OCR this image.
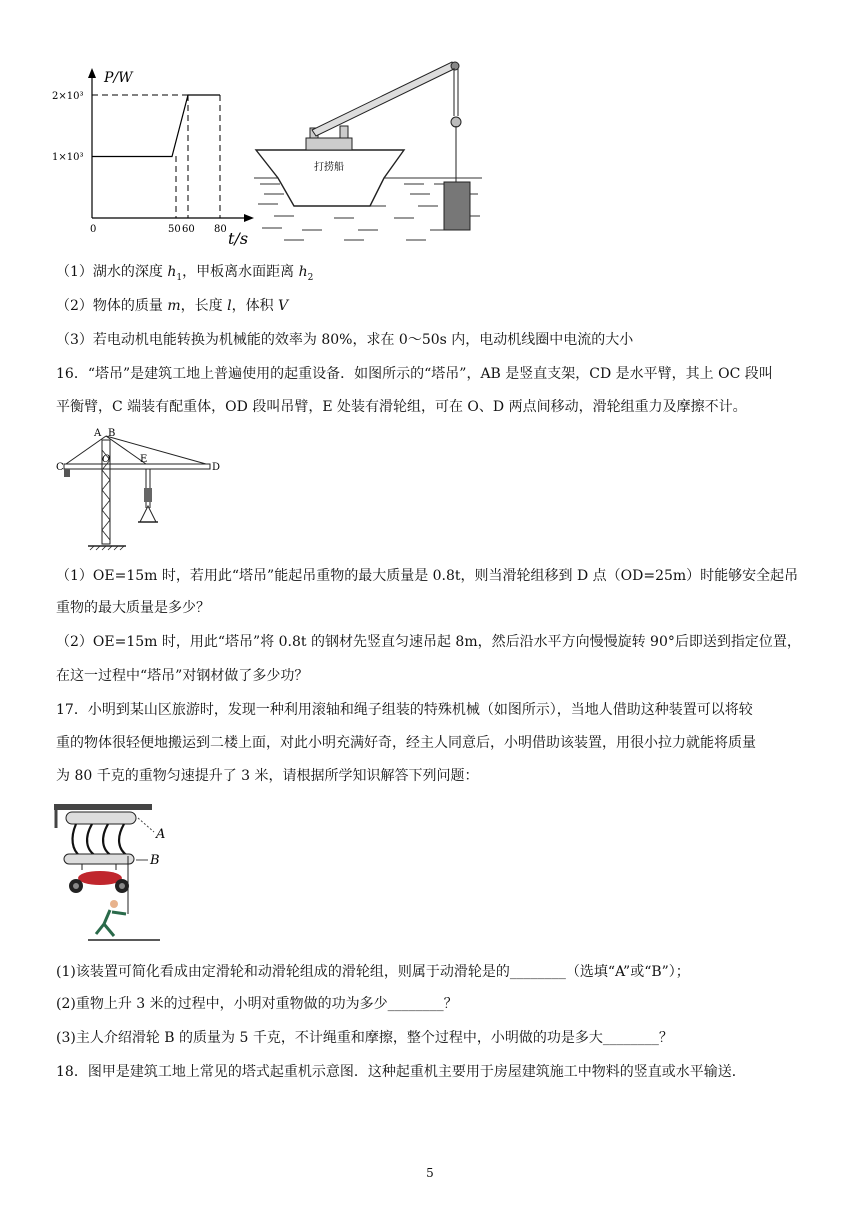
P/W
2×10³
1×10³
0	50 60 80 t/s
打捞船
（1）湖水的深度 $h_1$，甲板离水面距离 $h_2$
（2）物体的质量 m，长度 l，体积 V
（3）若电动机电能转换为机械能的效率为 80%，求在 0～50s 内，电动机线圈中电流的大小
16．“塔吊”是建筑工地上普遍使用的起重设备．如图所示的“塔吊”，AB 是竖直支架，CD 是水平臂，其上 OC 段叫
平衡臂，C 端装有配重体，OD 段叫吊臂，E 处装有滑轮组，可在 O、D 两点间移动，滑轮组重力及摩擦不计。
A B
C
O	E
D
（1）OE=15m 时，若用此“塔吊”能起吊重物的最大质量是 0.8t，则当滑轮组移到 D 点（OD=25m）时能够安全起吊
重物的最大质量是多少？
（2）OE=15m 时，用此“塔吊”将 0.8t 的钢材先竖直匀速吊起 8m，然后沿水平方向慢慢旋转 90°后即送到指定位置，
在这一过程中“塔吊”对钢材做了多少功？
17．小明到某山区旅游时，发现一种利用滚轴和绳子组装的特殊机械（如图所示），当地人借助这种装置可以将较
重的物体很轻便地搬运到二楼上面，对此小明充满好奇，经主人同意后，小明借助该装置，用很小拉力就能将质量
为 80 千克的重物匀速提升了 3 米，请根据所学知识解答下列问题：
A
B
(1)该装置可简化看成由定滑轮和动滑轮组成的滑轮组，则属于动滑轮是的________（选填“A”或“B”）；
(2)重物上升 3 米的过程中，小明对重物做的功为多少________？
(3)主人介绍滑轮 B 的质量为 5 千克，不计绳重和摩擦，整个过程中，小明做的功是多大________？
18．图甲是建筑工地上常见的塔式起重机示意图．这种起重机主要用于房屋建筑施工中物料的竖直或水平输送．
5
